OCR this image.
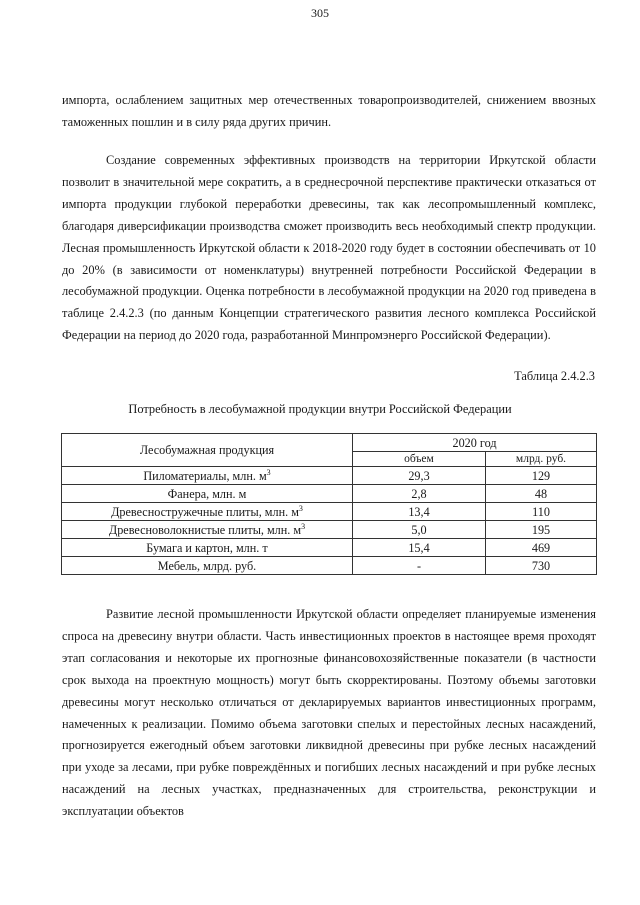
305

импорта, ослаблением защитных мер отечественных товаропроизводителей, снижением ввозных таможенных пошлин и в силу ряда других причин.

Создание современных эффективных производств на территории Иркутской области позволит в значительной мере сократить, а в среднесрочной перспективе практически отказаться от импорта продукции глубокой переработки древесины, так как лесопромышленный комплекс, благодаря диверсификации производства сможет производить весь необходимый спектр продукции. Лесная промышленность Иркутской области к 2018-2020 году будет в состоянии обеспечивать от 10 до 20% (в зависимости от номенклатуры) внутренней потребности Российской Федерации в лесобумажной продукции. Оценка потребности в лесобумажной продукции на 2020 год приведена в таблице 2.4.2.3 (по данным Концепции стратегического развития лесного комплекса Российской Федерации на период до 2020 года, разработанной Минпромэнерго Российской Федерации).

Таблица 2.4.2.3
Потребность в лесобумажной продукции внутри Российской Федерации
Лесобумажная продукция	2020 год	
	объем	млрд. руб.
Пиломатериалы, млн. $м^3$	29,3	129
Фанера, млн. м	2,8	48
Древесностружечные плиты, млн. $м^3$	13,4	110
Древесноволокнистые плиты, млн. $м^3$	5,0	195
Бумага и картон, млн. т	15,4	469
Мебель, млрд. руб.	-	730

Развитие лесной промышленности Иркутской области определяет планируемые изменения спроса на древесину внутри области. Часть инвестиционных проектов в настоящее время проходят этап согласования и некоторые их прогнозные финансовохозяйственные показатели (в частности срок выхода на проектную мощность) могут быть скорректированы. Поэтому объемы заготовки древесины могут несколько отличаться от декларируемых вариантов инвестиционных программ, намеченных к реализации. Помимо объема заготовки спелых и перестойных лесных насаждений, прогнозируется ежегодный объем заготовки ликвидной древесины при рубке лесных насаждений при уходе за лесами, при рубке повреждённых и погибших лесных насаждений и при рубке лесных насаждений на лесных участках, предназначенных для строительства, реконструкции и эксплуатации объектов
